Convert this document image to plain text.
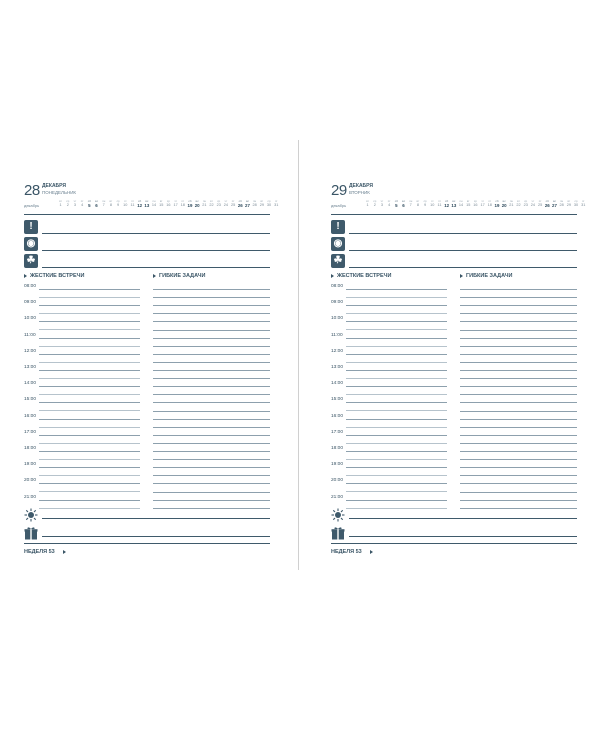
28 ДЕКАБРЯ
ПОНЕДЕЛЬНИК
декабрь
вт
1
ср
2
чт
3
пт
4
сб
5
вс
6
пн
7
вт
8
ср
9
чт
10
пт
11
сб
12
вс
13
пн
14
вт
15
ср
16
чт
17
пт
18
сб
19
вс
20
пн
21
вт
22
ср
23
чт
24
пт
25
сб
26
вс
27
пн
28
вт
29
ср
30
чт
31
!
◉
☘
ЖЕСТКИЕ ВСТРЕЧИ	ГИБКИЕ ЗАДАЧИ
08:00
09:00
10:00
11:00
12:00
13:00
14:00
15:00
16:00
17:00
18:00
19:00
20:00
21:00
НЕДЕЛЯ 53
29 ДЕКАБРЯ
ВТОРНИК
декабрь
вт
1
ср
2
чт
3
пт
4
сб
5
вс
6
пн
7
вт
8
ср
9
чт
10
пт
11
сб
12
вс
13
пн
14
вт
15
ср
16
чт
17
пт
18
сб
19
вс
20
пн
21
вт
22
ср
23
чт
24
пт
25
сб
26
вс
27
пн
28
вт
29
ср
30
чт
31
!
◉
☘
ЖЕСТКИЕ ВСТРЕЧИ	ГИБКИЕ ЗАДАЧИ
08:00
09:00
10:00
11:00
12:00
13:00
14:00
15:00
16:00
17:00
18:00
19:00
20:00
21:00
НЕДЕЛЯ 53
